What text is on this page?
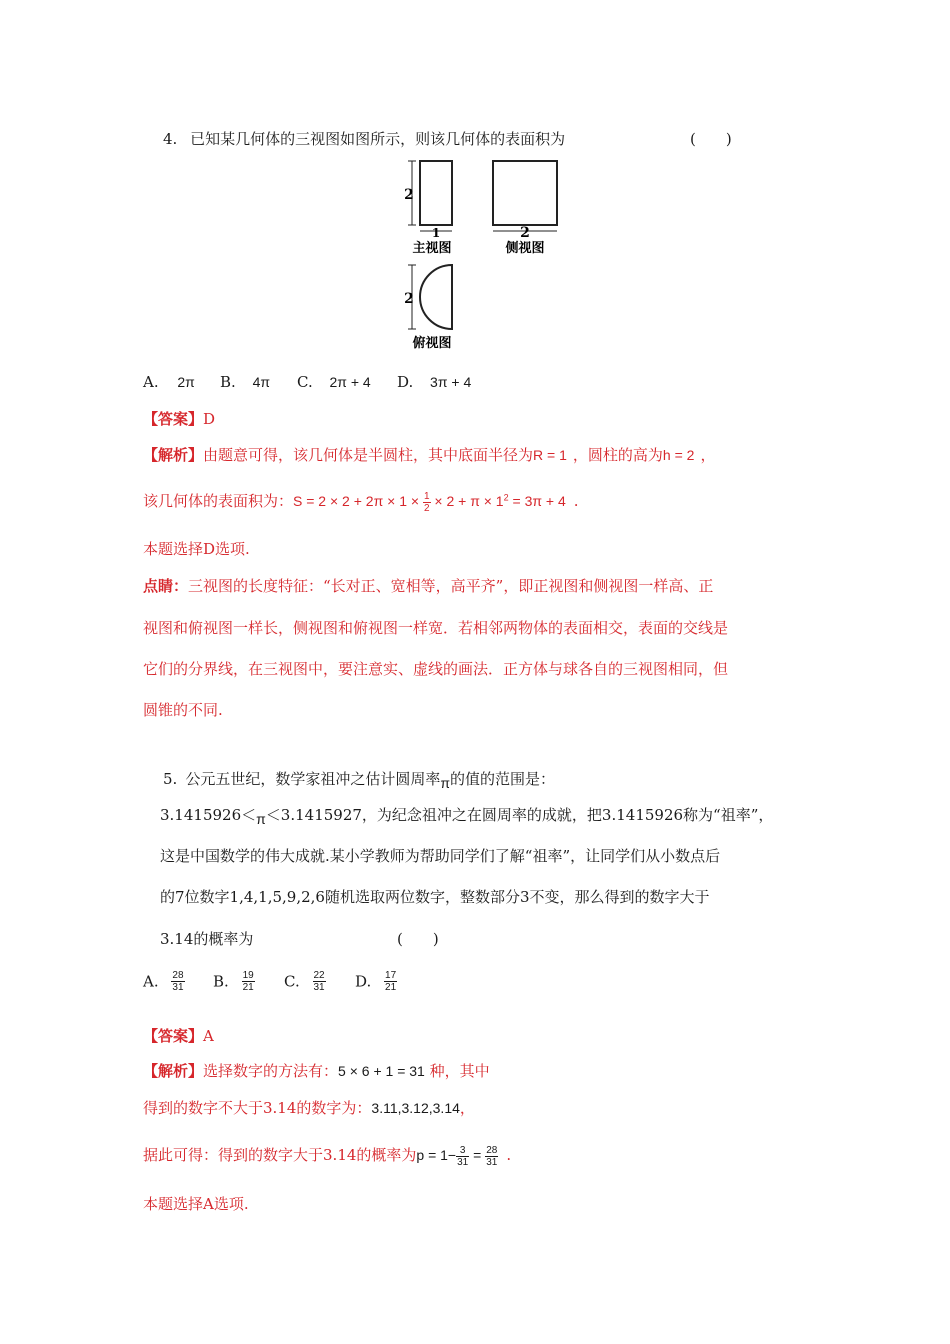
4. 已知某几何体的三视图如图所示，则该几何体的表面积为	(　　)
2
1	2
2
主视图	侧视图
俯视图
A. 2π B. 4π C. 2π + 4 D. 3π + 4
【答案】D
【解析】由题意可得，该几何体是半圆柱，其中底面半径为R = 1 ，圆柱的高为h = 2 ，
该几何体的表面积为：$S = 2 \times 2 + 2\pi \times 1 \times \frac{1}{2} \times 2 + \pi \times 1^2 = 3\pi + 4$ .
本题选择D选项.
点睛：三视图的长度特征：“长对正、宽相等，高平齐”，即正视图和侧视图一样高、正
视图和俯视图一样长，侧视图和俯视图一样宽．若相邻两物体的表面相交，表面的交线是
它们的分界线，在三视图中，要注意实、虚线的画法．正方体与球各自的三视图相同，但
圆锥的不同.
5. 公元五世纪，数学家祖冲之估计圆周率π的值的范围是：
3.1415926＜π＜3.1415927，为纪念祖冲之在圆周率的成就，把3.1415926称为“祖率”，
这是中国数学的伟大成就.某小学教师为帮助同学们了解“祖率”，让同学们从小数点后
的7位数字1,4,1,5,9,2,6随机选取两位数字，整数部分3不变，那么得到的数字大于
3.14的概率为	(　　)
A. $\frac{28}{31} B$. $\frac{19}{21} C$. $\frac{22}{31} D$. $\frac{17}{21}$
【答案】A
【解析】选择数字的方法有：5 × 6 + 1 = 31 种，其中
得到的数字不大于3.14的数字为：3.11,3.12,3.14，
据此可得：得到的数字大于3.14的概率为$p = 1- \frac{3}{31} = \frac{28}{31}$ .
本题选择A选项.
